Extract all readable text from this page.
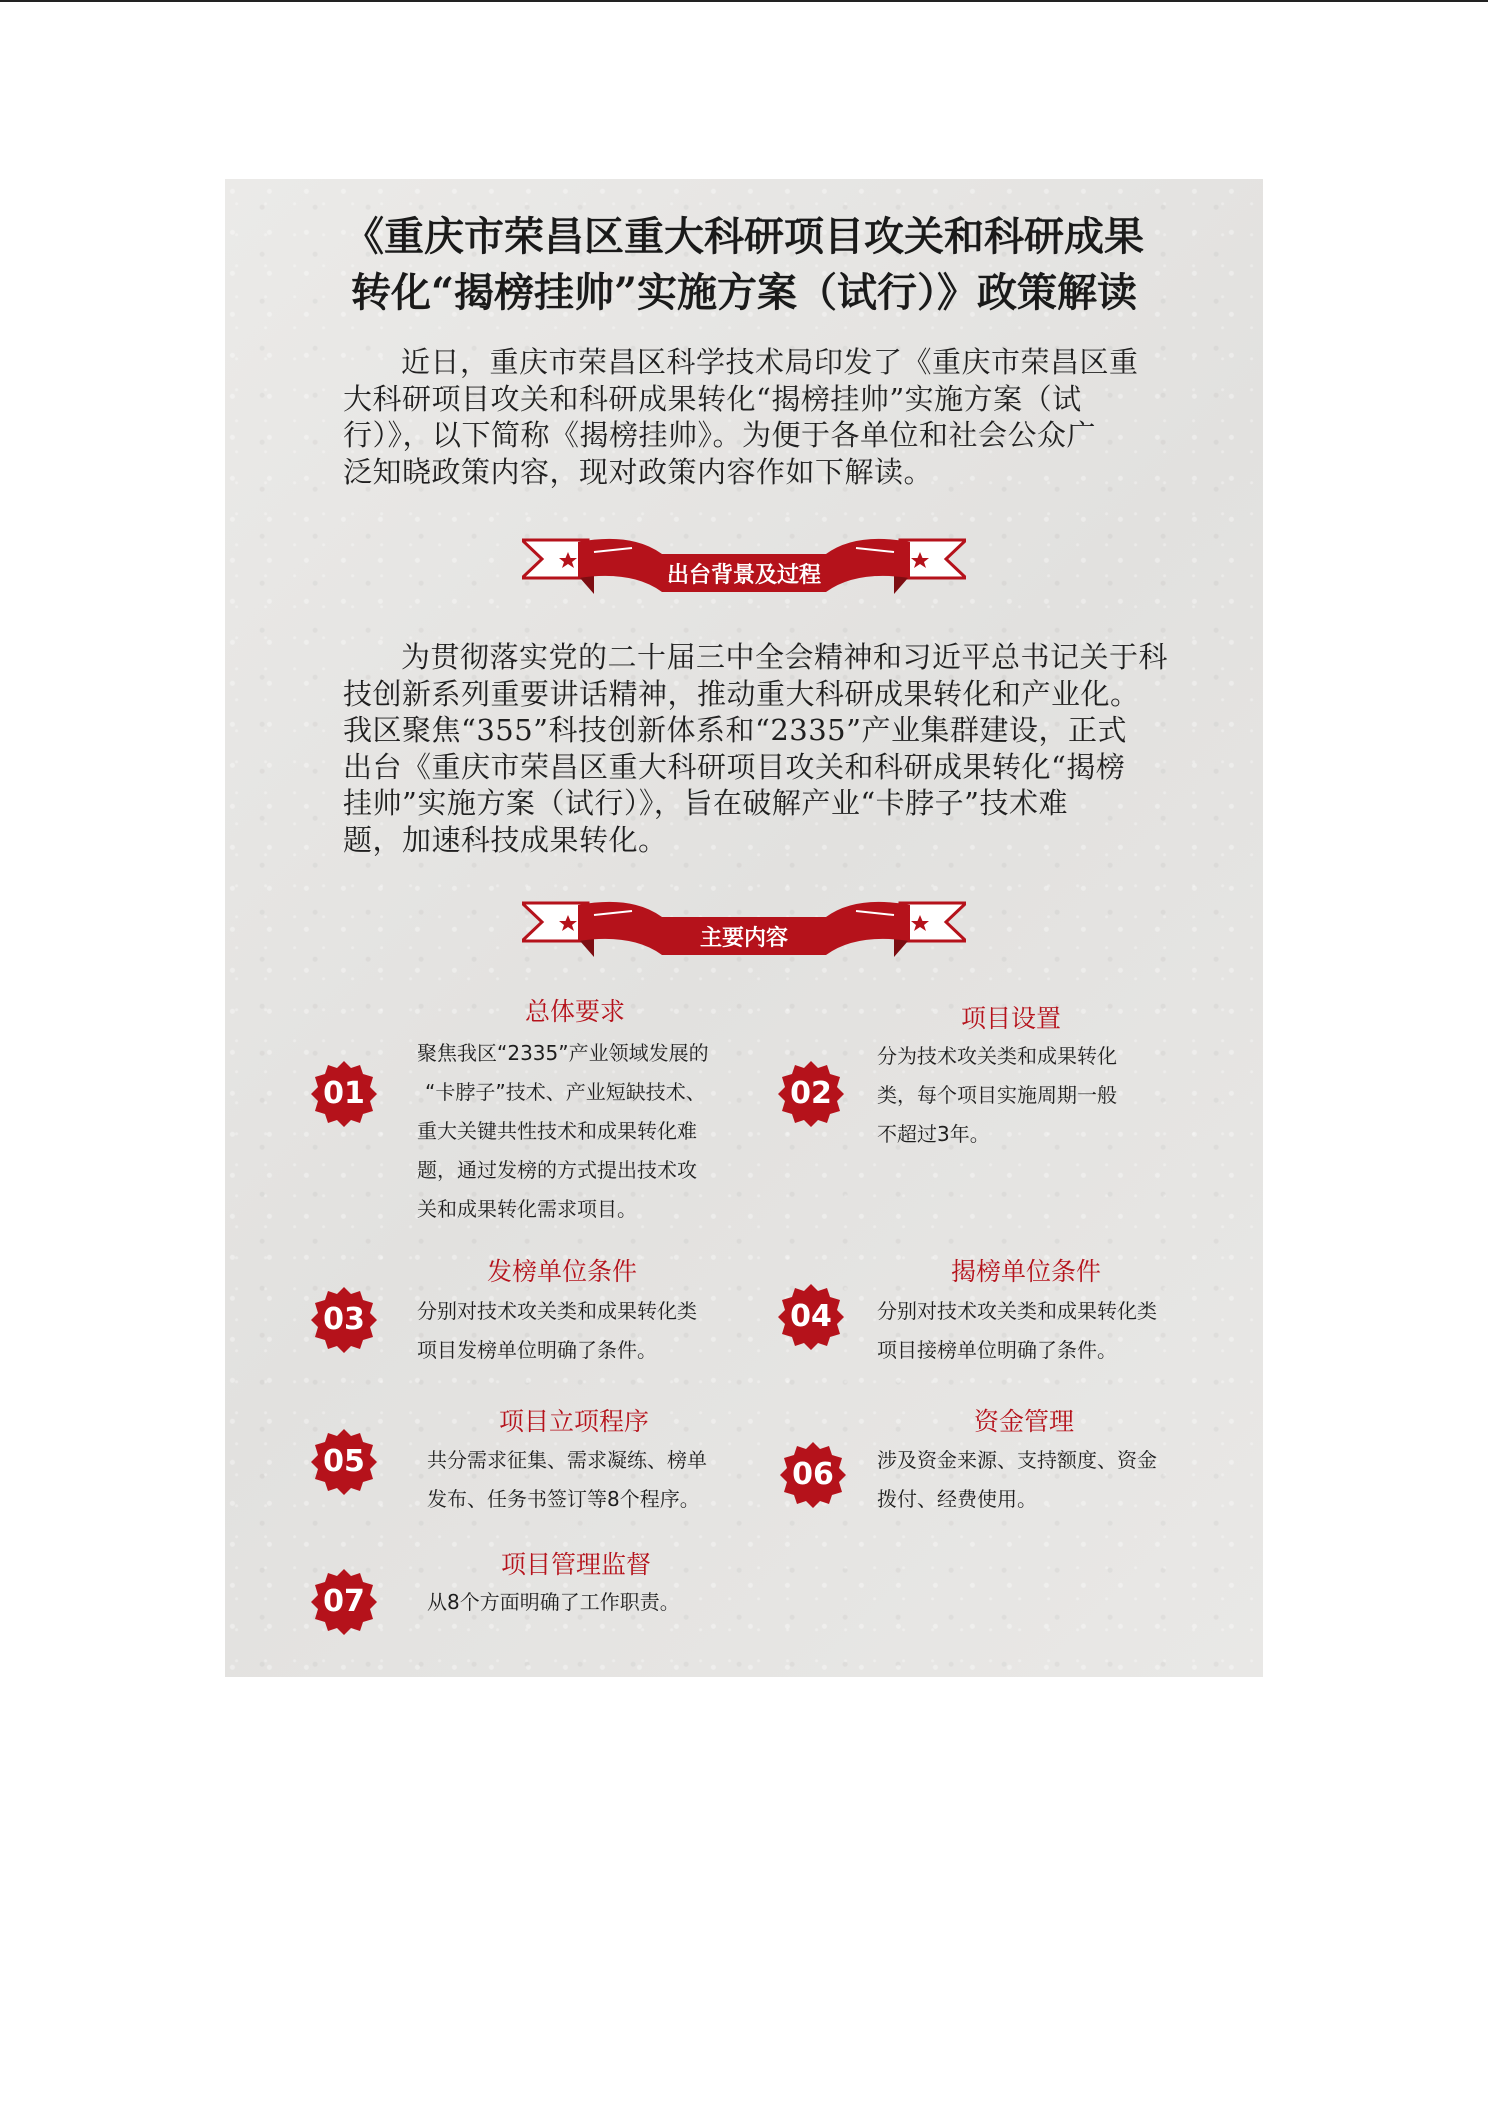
《重庆市荣昌区重大科研项目攻关和科研成果
转化“揭榜挂帅”实施方案（试行）》政策解读
近日，重庆市荣昌区科学技术局印发了《重庆市荣昌区重
大科研项目攻关和科研成果转化“揭榜挂帅”实施方案（试
行）》，以下简称《揭榜挂帅》。为便于各单位和社会公众广
泛知晓政策内容，现对政策内容作如下解读。
出台背景及过程
为贯彻落实党的二十届三中全会精神和习近平总书记关于科
技创新系列重要讲话精神，推动重大科研成果转化和产业化。
我区聚焦“355”科技创新体系和“2335”产业集群建设，正式
出台《重庆市荣昌区重大科研项目攻关和科研成果转化“揭榜
挂帅”实施方案（试行）》，旨在破解产业“卡脖子”技术难
题，加速科技成果转化。
主要内容
01
总体要求
聚焦我区“2335”产业领域发展的
“卡脖子”技术、产业短缺技术、
重大关键共性技术和成果转化难
题，通过发榜的方式提出技术攻
关和成果转化需求项目。
02
项目设置
分为技术攻关类和成果转化
类，每个项目实施周期一般
不超过3年。
03
发榜单位条件
分别对技术攻关类和成果转化类
项目发榜单位明确了条件。
04
揭榜单位条件
分别对技术攻关类和成果转化类
项目接榜单位明确了条件。
05
项目立项程序
共分需求征集、需求凝练、榜单
发布、任务书签订等8个程序。
06
资金管理
涉及资金来源、支持额度、资金
拨付、经费使用。
07
项目管理监督
从8个方面明确了工作职责。
